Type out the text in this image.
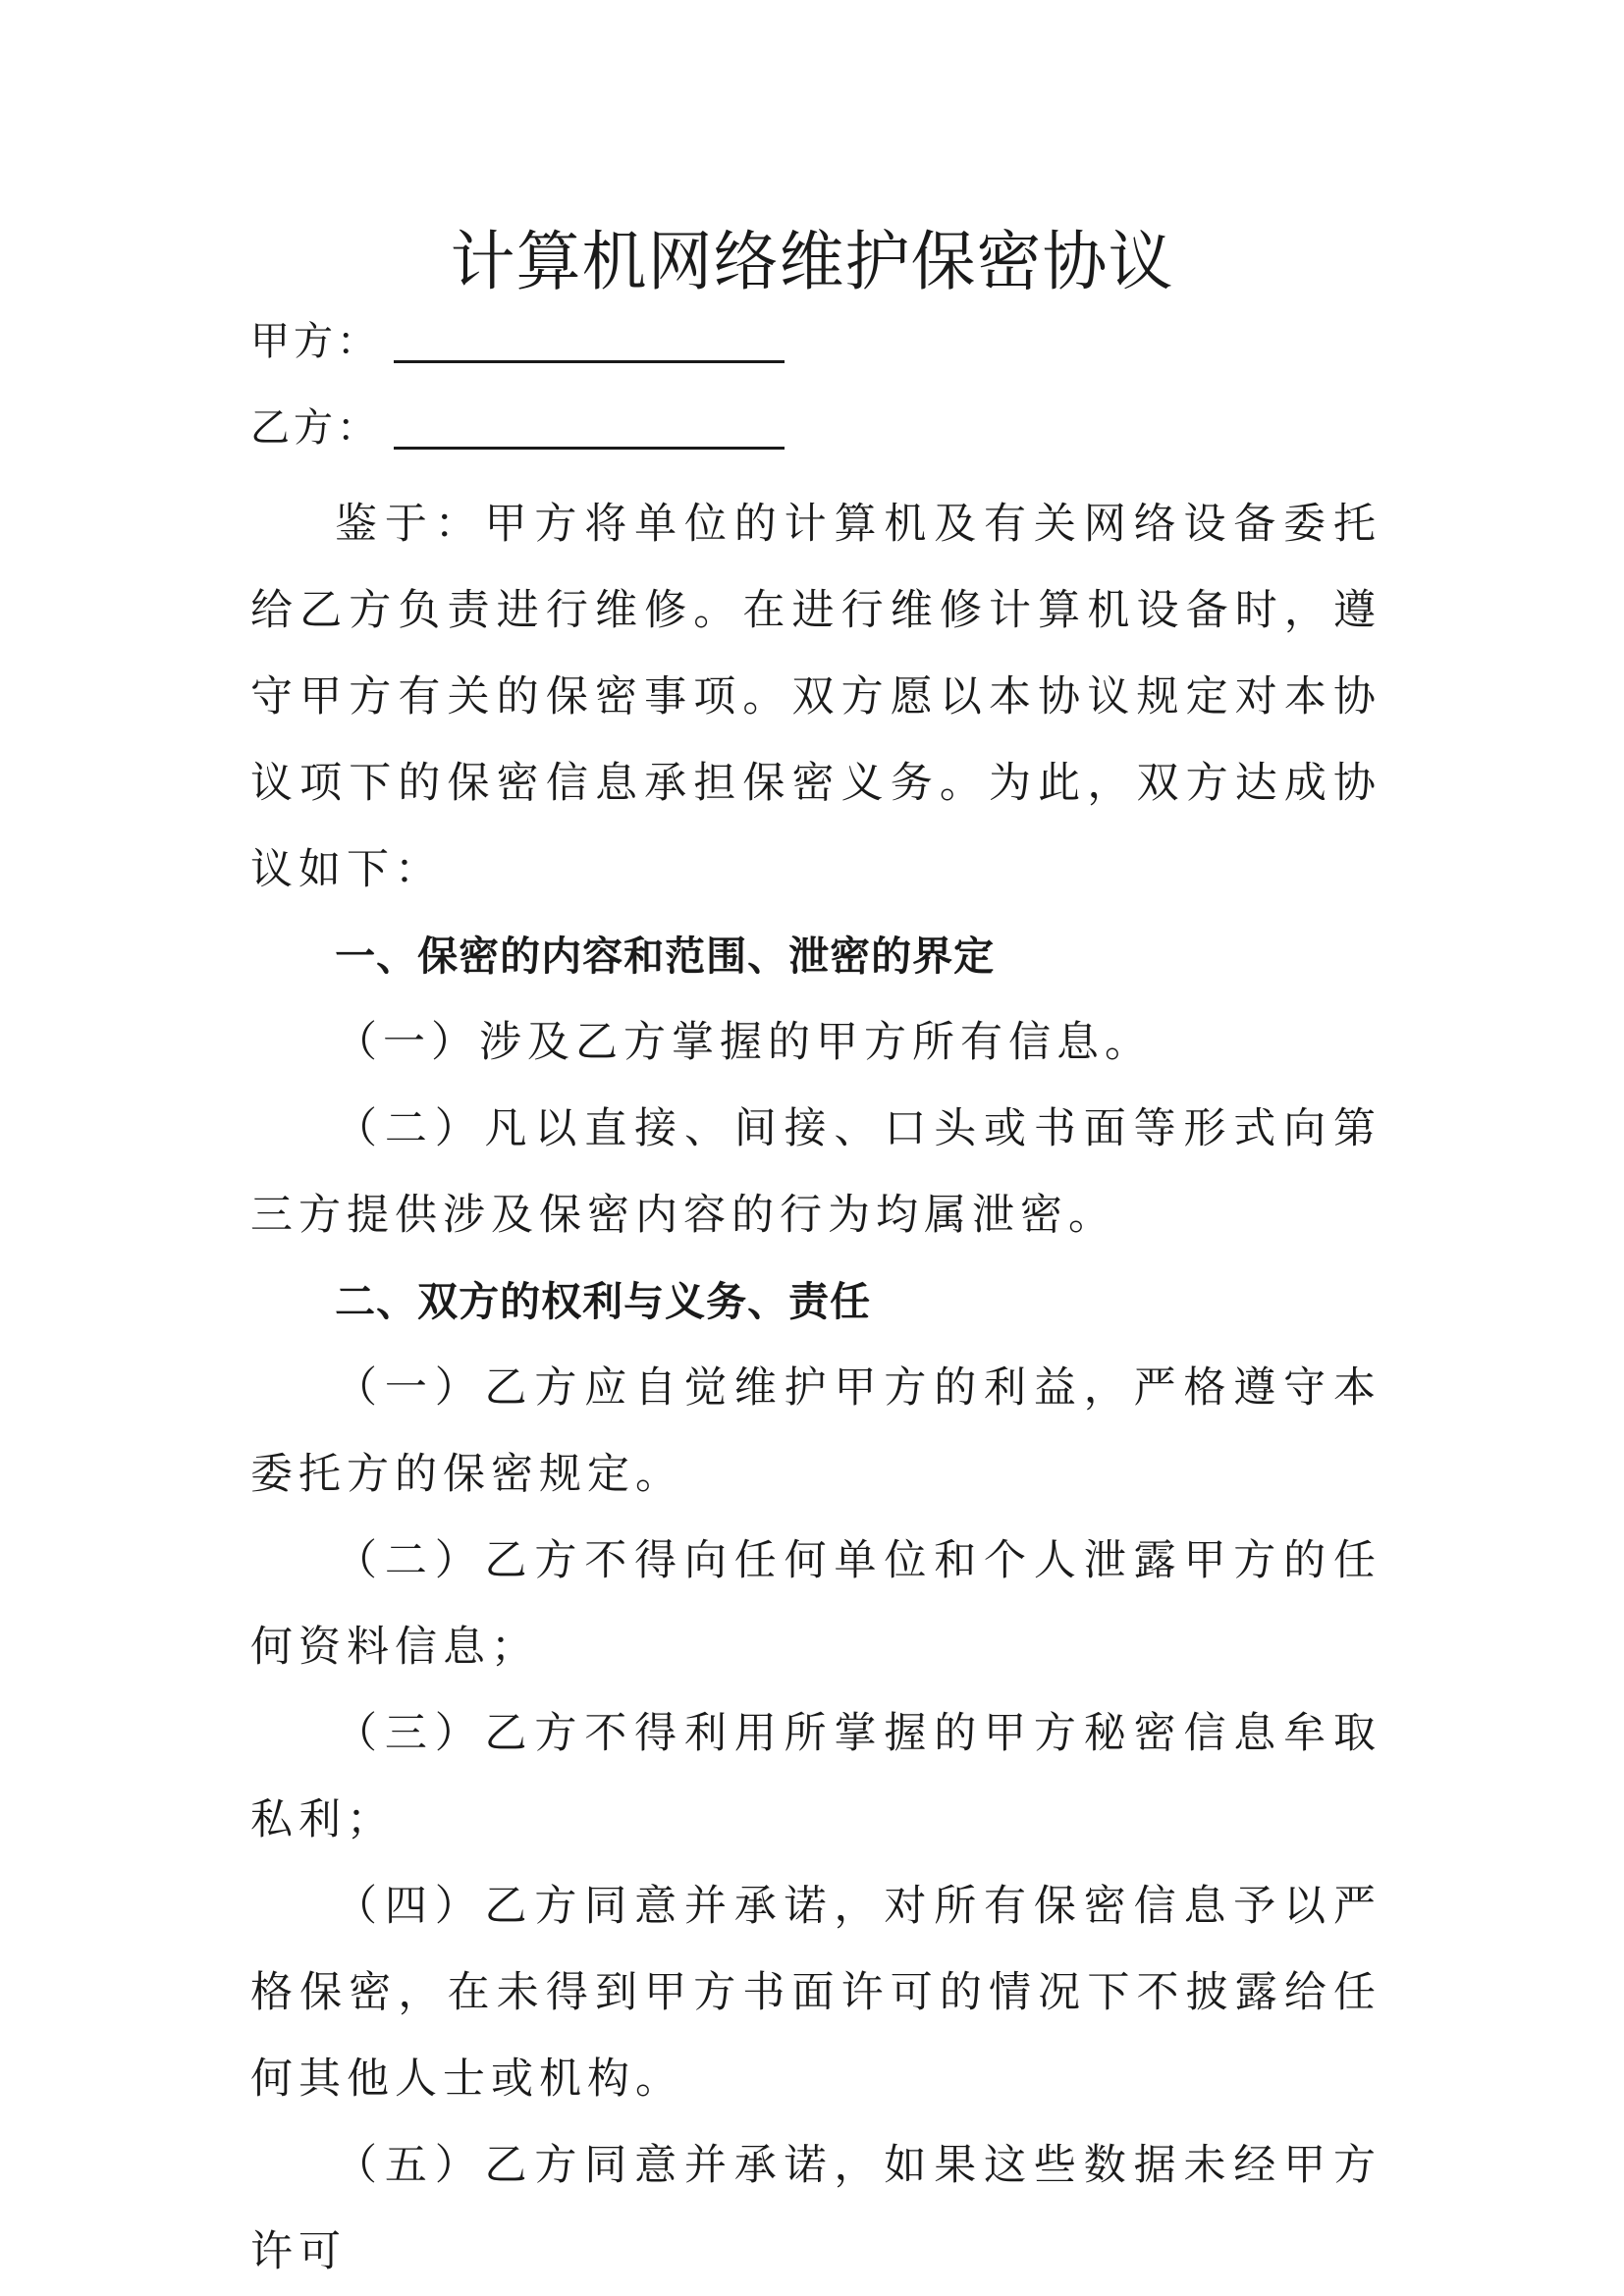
计算机网络维护保密协议
甲方：
乙方：

鉴于：甲方将单位的计算机及有关网络设备委托给乙方负责进行维修。在进行维修计算机设备时，遵守甲方有关的保密事项。双方愿以本协议规定对本协议项下的保密信息承担保密义务。为此，双方达成协议如下：

一、保密的内容和范围、泄密的界定

（一）涉及乙方掌握的甲方所有信息。

（二）凡以直接、间接、口头或书面等形式向第三方提供涉及保密内容的行为均属泄密。

二、双方的权利与义务、责任

（一）乙方应自觉维护甲方的利益，严格遵守本委托方的保密规定。

（二）乙方不得向任何单位和个人泄露甲方的任何资料信息；

（三）乙方不得利用所掌握的甲方秘密信息牟取私利；

（四）乙方同意并承诺，对所有保密信息予以严格保密，在未得到甲方书面许可的情况下不披露给任何其他人士或机构。

（五）乙方同意并承诺，如果这些数据未经甲方许可
